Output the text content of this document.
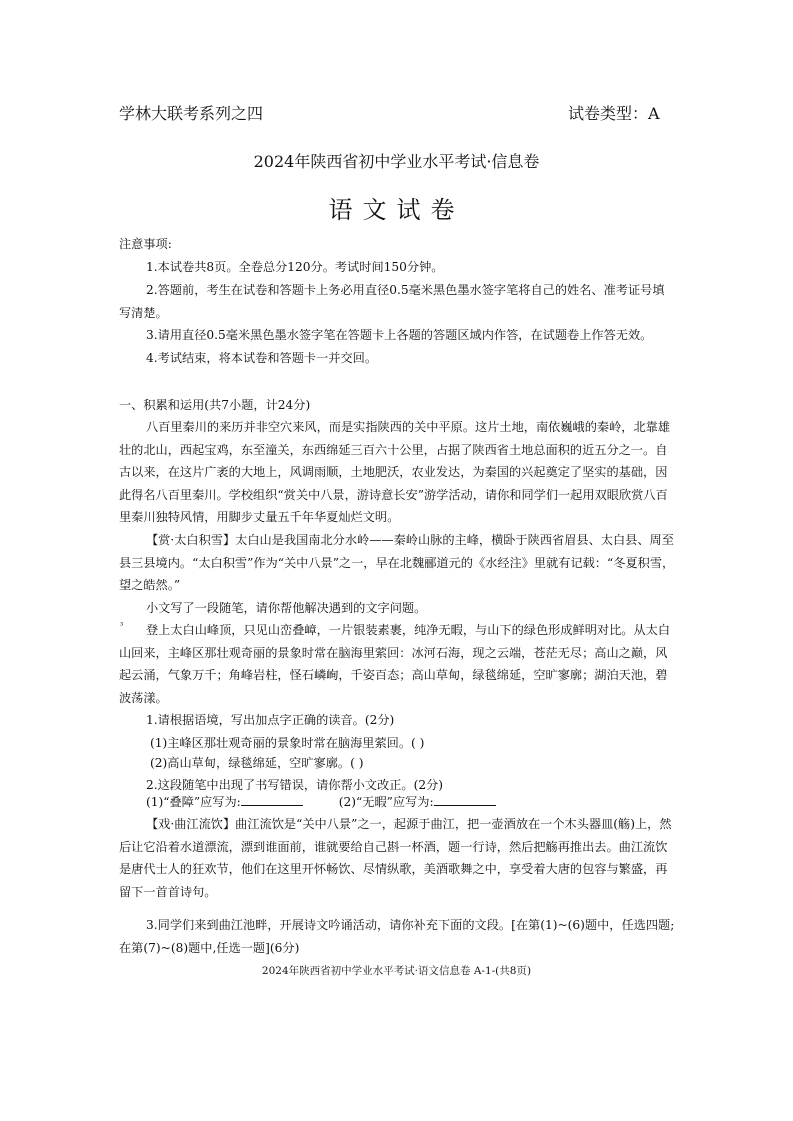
学林大联考系列之四	试卷类型：A
2024年陕西省初中学业水平考试·信息卷
语文试卷
注意事项:
1.本试卷共8页。全卷总分120分。考试时间150分钟。
2.答题前，考生在试卷和答题卡上务必用直径0.5毫米黑色墨水签字笔将自己的姓名、准考证号填写清楚。
3.请用直径0.5毫米黑色墨水签字笔在答题卡上各题的答题区域内作答，在试题卷上作答无效。
4.考试结束，将本试卷和答题卡一并交回。
一、积累和运用(共7小题，计24分)
八百里秦川的来历并非空穴来风，而是实指陕西的关中平原。这片土地，南依巍峨的秦岭，北靠雄壮的北山，西起宝鸡，东至潼关，东西绵延三百六十公里，占据了陕西省土地总面积的近五分之一。自古以来，在这片广袤的大地上，风调雨顺，土地肥沃，农业发达，为秦国的兴起奠定了坚实的基础，因此得名八百里秦川。学校组织“赏关中八景，游诗意长安”游学活动，请你和同学们一起用双眼欣赏八百里秦川独特风情，用脚步丈量五千年华夏灿烂文明。
【赏·太白积雪】太白山是我国南北分水岭——秦岭山脉的主峰，横卧于陕西省眉县、太白县、周至县三县境内。“太白积雪”作为“关中八景”之一，早在北魏郦道元的《水经注》里就有记载：“冬夏积雪，望之皓然。”
小文写了一段随笔，请你帮他解决遇到的文字问题。
³	登上太白山峰顶，只见山峦叠嶂，一片银装素裹，纯净无暇，与山下的绿色形成鲜明对比。从太白山回来，主峰区那壮观奇丽的景象时常在脑海里萦回：冰河石海，现之云端，苍茫无尽；高山之巅，风起云涌，气象万千；角峰岩柱，怪石嶙峋，千姿百态；高山草甸，绿毯绵延，空旷寥廓；湖泊天池，碧波荡漾。
1.请根据语境，写出加点字正确的读音。(2分)
(1)主峰区那壮观奇丽的景象时常在脑海里萦回。( )
(2)高山草甸，绿毯绵延，空旷寥廓。( )
2.这段随笔中出现了书写错误，请你帮小文改正。(2分)
(1)“叠障”应写为:	(2)“无暇”应写为:
【戏·曲江流饮】曲江流饮是“关中八景”之一，起源于曲江，把一壶酒放在一个木头器皿(觞)上，然后让它沿着水道漂流，漂到谁面前，谁就要给自己斟一杯酒，题一行诗，然后把觞再推出去。曲江流饮是唐代士人的狂欢节，他们在这里开怀畅饮、尽情纵歌，美酒歌舞之中，享受着大唐的包容与繁盛，再留下一首首诗句。
3.同学们来到曲江池畔，开展诗文吟诵活动，请你补充下面的文段。[在第(1)~(6)题中，任选四题;在第(7)~(8)题中,任选一题](6分)
2024年陕西省初中学业水平考试·语文信息卷 A-1-(共8页)
